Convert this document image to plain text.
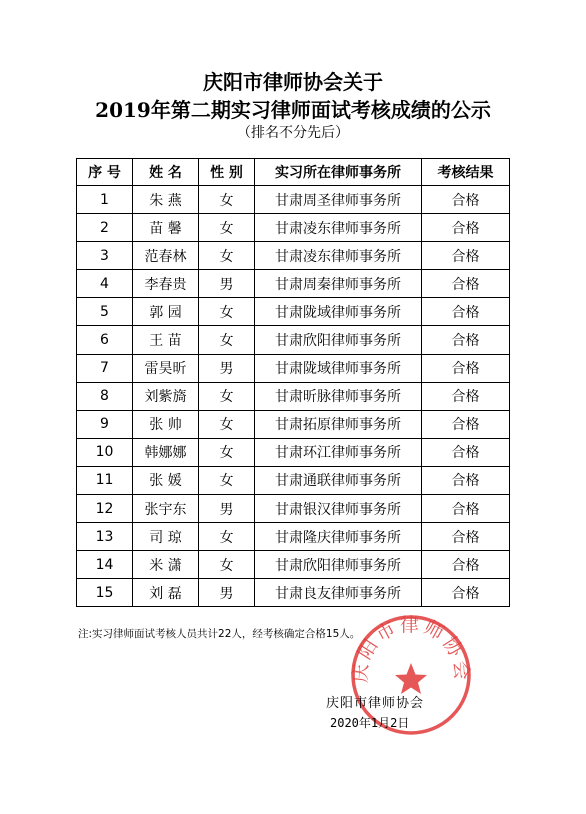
庆阳市律师协会关于
2019年第二期实习律师面试考核成绩的公示
（排名不分先后）
序 号	姓 名	性 别	实习所在律师事务所	考核结果
1	朱 燕	女	甘肃周圣律师事务所	合格
2	苗 馨	女	甘肃凌东律师事务所	合格
3	范春林	女	甘肃凌东律师事务所	合格
4	李春贵	男	甘肃周秦律师事务所	合格
5	郭 园	女	甘肃陇域律师事务所	合格
6	王 苗	女	甘肃欣阳律师事务所	合格
7	雷昊昕	男	甘肃陇域律师事务所	合格
8	刘紫旖	女	甘肃昕脉律师事务所	合格
9	张 帅	女	甘肃拓原律师事务所	合格
10	韩娜娜	女	甘肃环江律师事务所	合格
11	张 媛	女	甘肃通联律师事务所	合格
12	张宇东	男	甘肃银汉律师事务所	合格
13	司 琼	女	甘肃隆庆律师事务所	合格
14	米 潇	女	甘肃欣阳律师事务所	合格
15	刘 磊	男	甘肃良友律师事务所	合格
注:实习律师面试考核人员共计22人，经考核确定合格15人。
庆阳市律师协会
庆阳市律师协会
2020年1月2日
